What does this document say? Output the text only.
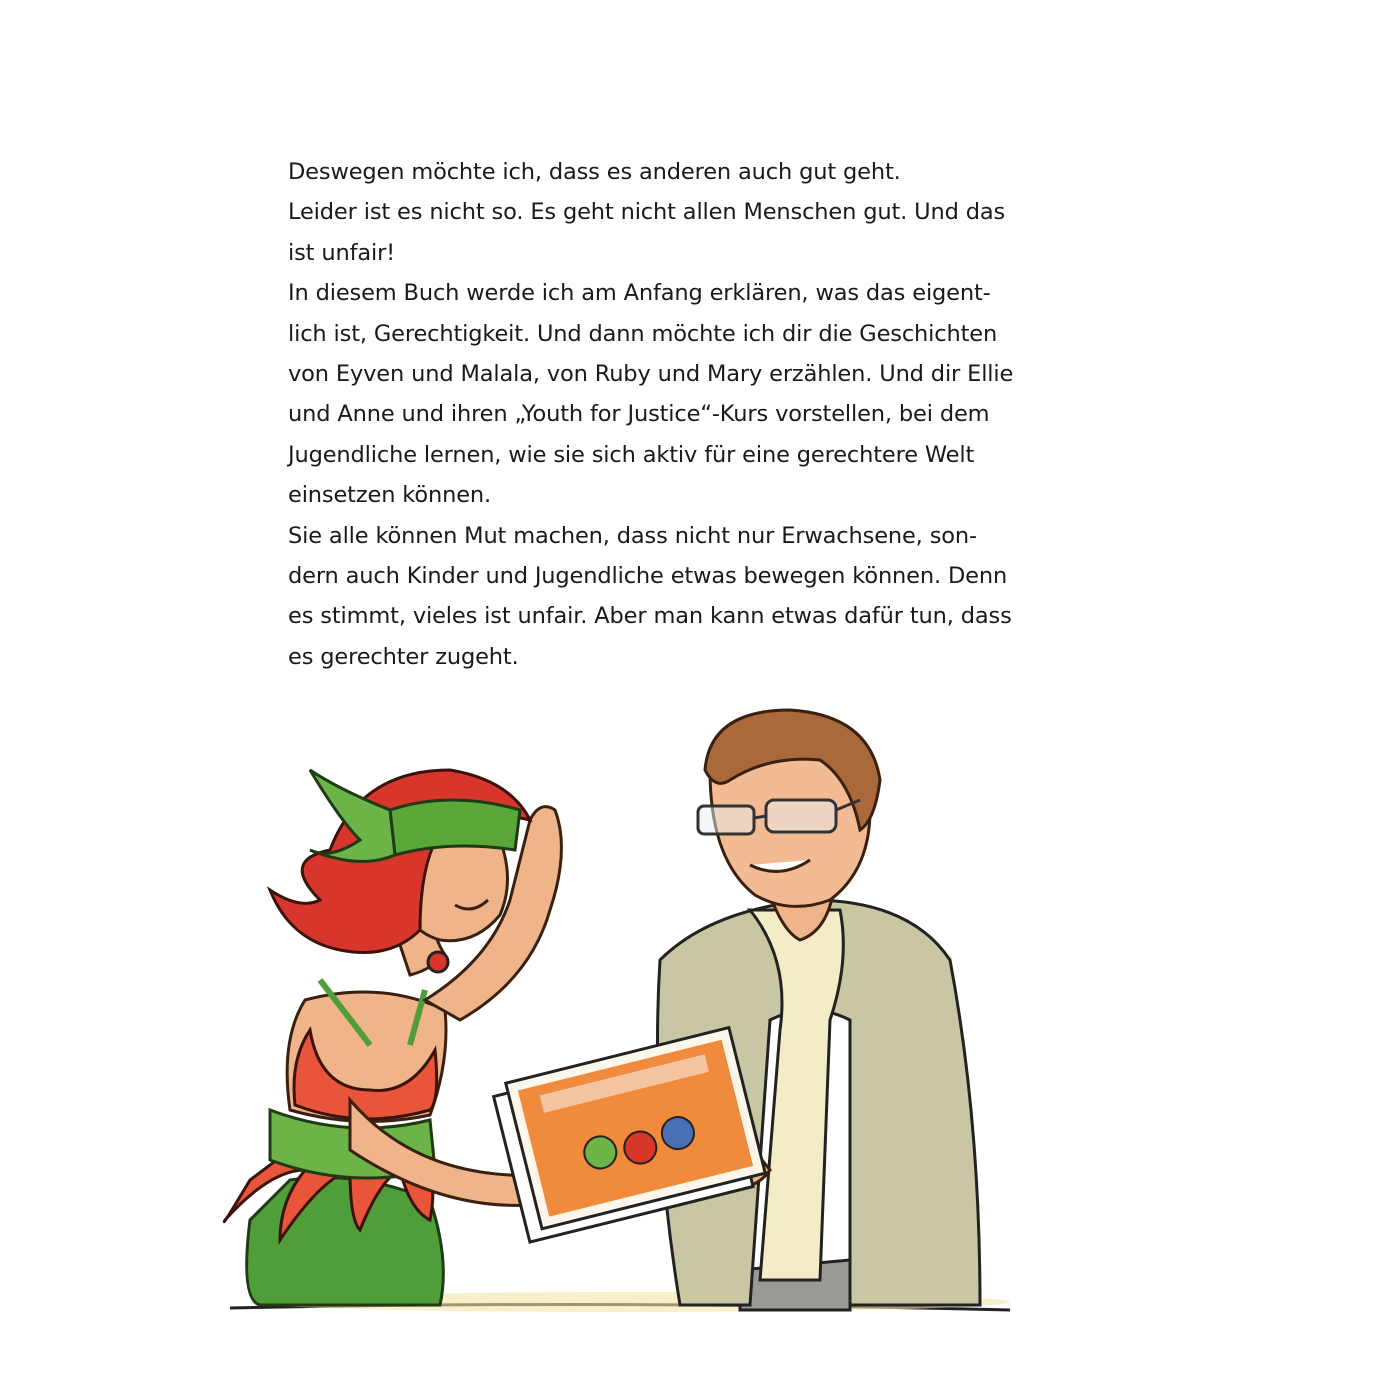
Deswegen möchte ich, dass es anderen auch gut geht.
Leider ist es nicht so. Es geht nicht allen Menschen gut. Und das
ist unfair!
In diesem Buch werde ich am Anfang erklären, was das eigent-
lich ist, Gerechtigkeit. Und dann möchte ich dir die Geschichten
von Eyven und Malala, von Ruby und Mary erzählen. Und dir Ellie
und Anne und ihren „Youth for Justice“-Kurs vorstellen, bei dem
Jugendliche lernen, wie sie sich aktiv für eine gerechtere Welt
einsetzen können.
Sie alle können Mut machen, dass nicht nur Erwachsene, son-
dern auch Kinder und Jugendliche etwas bewegen können. Denn
es stimmt, vieles ist unfair. Aber man kann etwas dafür tun, dass
es gerechter zugeht.
